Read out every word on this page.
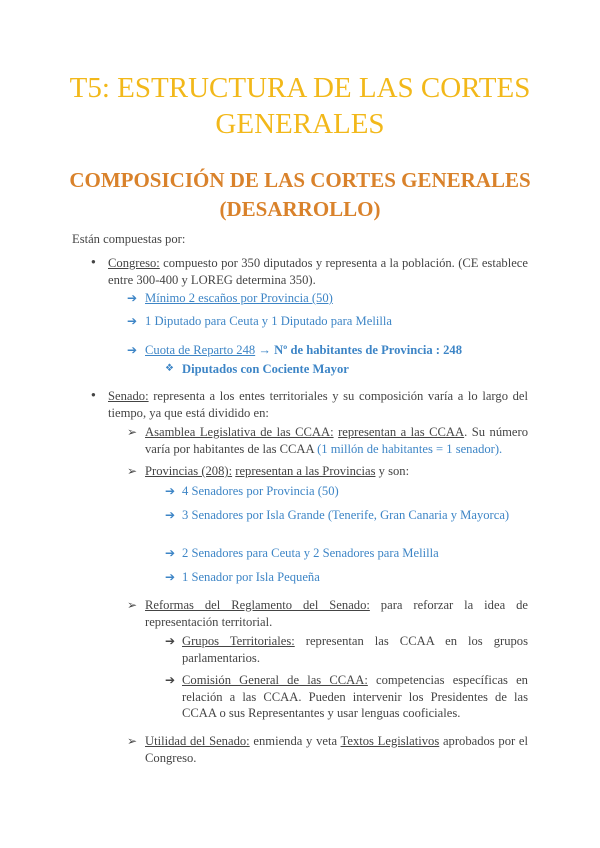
T5: ESTRUCTURA DE LAS CORTES GENERALES
COMPOSICIÓN DE LAS CORTES GENERALES (DESARROLLO)
Están compuestas por:
● Congreso: compuesto por 350 diputados y representa a la población. (CE establece entre 300-400 y LOREG determina 350).
➔ Mínimo 2 escaños por Provincia (50)
➔ 1 Diputado para Ceuta y 1 Diputado para Melilla
➔ Cuota de Reparto 248 → Nº de habitantes de Provincia : 248
❖ Diputados con Cociente Mayor
● Senado: representa a los entes territoriales y su composición varía a lo largo del tiempo, ya que está dividido en:
➢ Asamblea Legislativa de las CCAA: representan a las CCAA. Su número varía por habitantes de las CCAA (1 millón de habitantes = 1 senador).
➢ Provincias (208): representan a las Provincias y son:
➔ 4 Senadores por Provincia (50)
➔ 3 Senadores por Isla Grande (Tenerife, Gran Canaria y Mayorca)
➔ 2 Senadores para Ceuta y 2 Senadores para Melilla
➔ 1 Senador por Isla Pequeña
➢ Reformas del Reglamento del Senado: para reforzar la idea de representación territorial.
➔ Grupos Territoriales: representan las CCAA en los grupos parlamentarios.
➔ Comisión General de las CCAA: competencias específicas en relación a las CCAA. Pueden intervenir los Presidentes de las CCAA o sus Representantes y usar lenguas cooficiales.
➢ Utilidad del Senado: enmienda y veta Textos Legislativos aprobados por el Congreso.
